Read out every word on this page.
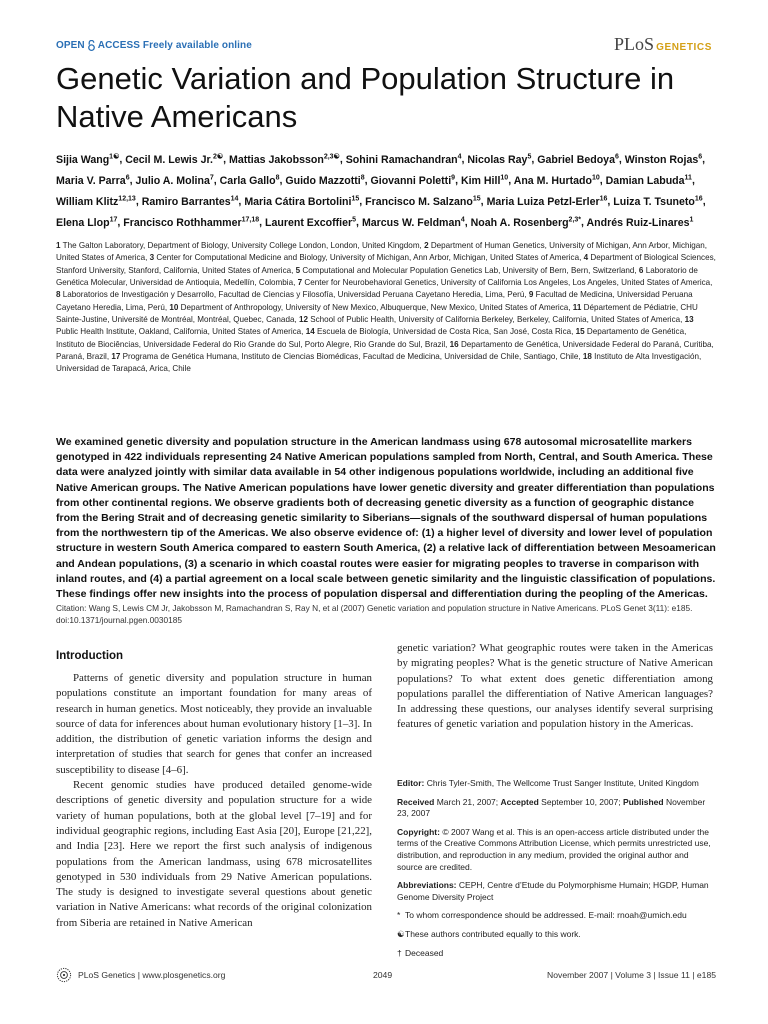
OPEN ACCESS Freely available online	PLoS GENETICS
Genetic Variation and Population Structure in Native Americans
Sijia Wang$^{1☯}$, Cecil M. Lewis Jr.$^{2☯}$, Mattias Jakobsson$^{2,3☯}$, Sohini Ramachandran$^4$, Nicolas Ray$^5$, Gabriel Bedoya$^6$, Winston Rojas$^6$, Maria V. Parra$^6$, Julio A. Molina$^7$, Carla Gallo$^8$, Guido Mazzotti$^8$, Giovanni Poletti$^9$, Kim Hill$^{10}$, Ana M. Hurtado$^{10}$, Damian Labuda$^{11}$, William Klitz$^{12,13}$, Ramiro Barrantes$^{14}$, Maria Cátira Bortolini$^{15}$, Francisco M. Salzano$^{15}$, Maria Luiza Petzl-Erler$^{16}$, Luiza T. Tsuneto$^{16}$, Elena Llop$^{17}$, Francisco Rothhammer$^{17,18}$, Laurent Excoffier$^5$, Marcus W. Feldman$^4$, Noah A. Rosenberg$^{2,3*}$, Andrés Ruiz-Linares$^1$
1 The Galton Laboratory, Department of Biology, University College London, London, United Kingdom, 2 Department of Human Genetics, University of Michigan, Ann Arbor, Michigan, United States of America, 3 Center for Computational Medicine and Biology, University of Michigan, Ann Arbor, Michigan, United States of America, 4 Department of Biological Sciences, Stanford University, Stanford, California, United States of America, 5 Computational and Molecular Population Genetics Lab, University of Bern, Bern, Switzerland, 6 Laboratorio de Genética Molecular, Universidad de Antioquia, Medellín, Colombia, 7 Center for Neurobehavioral Genetics, University of California Los Angeles, Los Angeles, United States of America, 8 Laboratorios de Investigación y Desarrollo, Facultad de Ciencias y Filosofía, Universidad Peruana Cayetano Heredia, Lima, Perú, 9 Facultad de Medicina, Universidad Peruana Cayetano Heredia, Lima, Perú, 10 Department of Anthropology, University of New Mexico, Albuquerque, New Mexico, United States of America, 11 Département de Pédiatrie, CHU Sainte-Justine, Université de Montréal, Montréal, Quebec, Canada, 12 School of Public Health, University of California Berkeley, Berkeley, California, United States of America, 13 Public Health Institute, Oakland, California, United States of America, 14 Escuela de Biología, Universidad de Costa Rica, San José, Costa Rica, 15 Departamento de Genética, Instituto de Biociências, Universidade Federal do Rio Grande do Sul, Porto Alegre, Rio Grande do Sul, Brazil, 16 Departamento de Genética, Universidade Federal do Paraná, Curitiba, Paraná, Brazil, 17 Programa de Genética Humana, Instituto de Ciencias Biomédicas, Facultad de Medicina, Universidad de Chile, Santiago, Chile, 18 Instituto de Alta Investigación, Universidad de Tarapacá, Arica, Chile

We examined genetic diversity and population structure in the American landmass using 678 autosomal microsatellite markers genotyped in 422 individuals representing 24 Native American populations sampled from North, Central, and South America. These data were analyzed jointly with similar data available in 54 other indigenous populations worldwide, including an additional five Native American groups. The Native American populations have lower genetic diversity and greater differentiation than populations from other continental regions. We observe gradients both of decreasing genetic diversity as a function of geographic distance from the Bering Strait and of decreasing genetic similarity to Siberians—signals of the southward dispersal of human populations from the northwestern tip of the Americas. We also observe evidence of: (1) a higher level of diversity and lower level of population structure in western South America compared to eastern South America, (2) a relative lack of differentiation between Mesoamerican and Andean populations, (3) a scenario in which coastal routes were easier for migrating peoples to traverse in comparison with inland routes, and (4) a partial agreement on a local scale between genetic similarity and the linguistic classification of populations. These findings offer new insights into the process of population dispersal and differentiation during the peopling of the Americas.

Citation: Wang S, Lewis CM Jr, Jakobsson M, Ramachandran S, Ray N, et al (2007) Genetic variation and population structure in Native Americans. PLoS Genet 3(11): e185. doi:10.1371/journal.pgen.0030185
Introduction

Patterns of genetic diversity and population structure in human populations constitute an important foundation for many areas of research in human genetics. Most noticeably, they provide an invaluable source of data for inferences about human evolutionary history [1–3]. In addition, the distribution of genetic variation informs the design and interpretation of studies that search for genes that confer an increased susceptibility to disease [4–6].

Recent genomic studies have produced detailed genome-wide descriptions of genetic diversity and population structure for a wide variety of human populations, both at the global level [7–19] and for individual geographic regions, including East Asia [20], Europe [21,22], and India [23]. Here we report the first such analysis of indigenous populations from the American landmass, using 678 microsatellites genotyped in 530 individuals from 29 Native American populations. The study is designed to investigate several questions about genetic variation in Native Americans: what records of the original colonization from Siberia are retained in Native American

genetic variation? What geographic routes were taken in the Americas by migrating peoples? What is the genetic structure of Native American populations? To what extent does genetic differentiation among populations parallel the differentiation of Native American languages? In addressing these questions, our analyses identify several surprising features of genetic variation and population history in the Americas.

Editor: Chris Tyler-Smith, The Wellcome Trust Sanger Institute, United Kingdom
Received March 21, 2007; Accepted September 10, 2007; Published November 23, 2007
Copyright: © 2007 Wang et al. This is an open-access article distributed under the terms of the Creative Commons Attribution License, which permits unrestricted use, distribution, and reproduction in any medium, provided the original author and source are credited.
Abbreviations: CEPH, Centre d’Etude du Polymorphisme Humain; HGDP, Human Genome Diversity Project
* To whom correspondence should be addressed. E-mail: rnoah@umich.edu
☯These authors contributed equally to this work.
† Deceased
PLoS Genetics | www.plosgenetics.org	2049	November 2007 | Volume 3 | Issue 11 | e185
